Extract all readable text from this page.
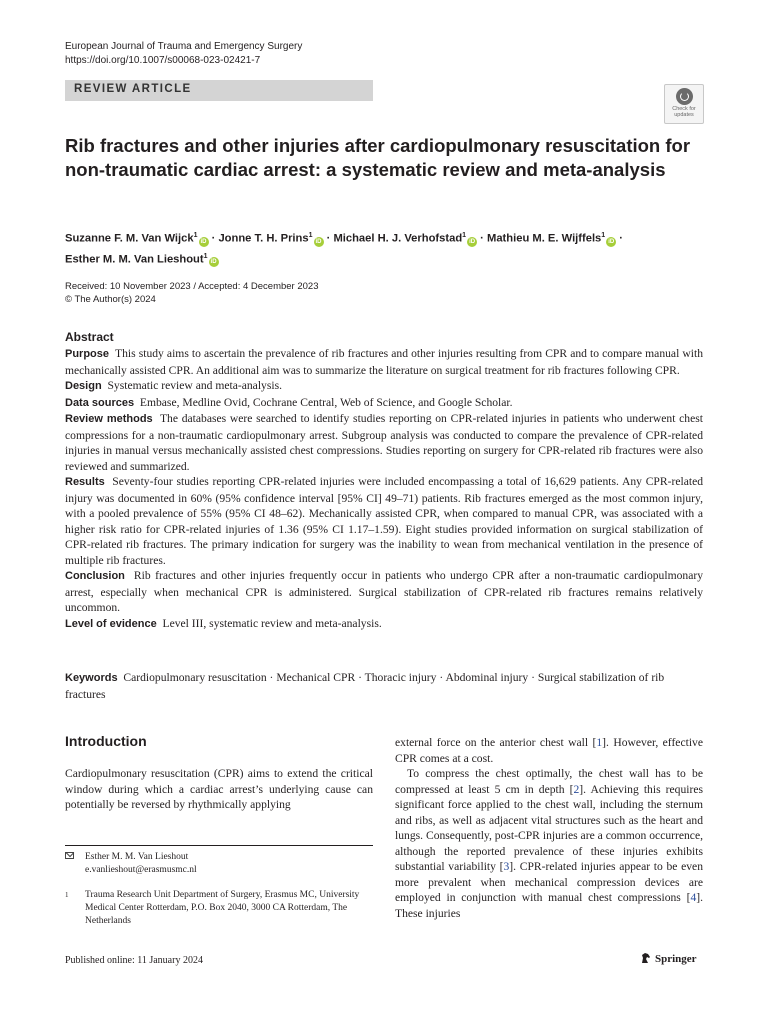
European Journal of Trauma and Emergency Surgery
https://doi.org/10.1007/s00068-023-02421-7
REVIEW ARTICLE
Check for updates
Rib fractures and other injuries after cardiopulmonary resuscitation for non-traumatic cardiac arrest: a systematic review and meta-analysis
Suzanne F. M. Van Wijck$^1$iD · Jonne T. H. Prins$^1$iD · Michael H. J. Verhofstad$^1$iD · Mathieu M. E. Wijffels$^1$iD ·
Esther M. M. Van Lieshout$^1$iD
Received: 10 November 2023 / Accepted: 4 December 2023
© The Author(s) 2024
Abstract

Purpose This study aims to ascertain the prevalence of rib fractures and other injuries resulting from CPR and to compare manual with mechanically assisted CPR. An additional aim was to summarize the literature on surgical treatment for rib fractures following CPR.

Design Systematic review and meta-analysis.

Data sources Embase, Medline Ovid, Cochrane Central, Web of Science, and Google Scholar.

Review methods The databases were searched to identify studies reporting on CPR-related injuries in patients who underwent chest compressions for a non-traumatic cardiopulmonary arrest. Subgroup analysis was conducted to compare the prevalence of CPR-related injuries in manual versus mechanically assisted chest compressions. Studies reporting on surgery for CPR-related rib fractures were also reviewed and summarized.

Results Seventy-four studies reporting CPR-related injuries were included encompassing a total of 16,629 patients. Any CPR-related injury was documented in 60% (95% confidence interval [95% CI] 49–71) patients. Rib fractures emerged as the most common injury, with a pooled prevalence of 55% (95% CI 48–62). Mechanically assisted CPR, when compared to manual CPR, was associated with a higher risk ratio for CPR-related injuries of 1.36 (95% CI 1.17–1.59). Eight studies provided information on surgical stabilization of CPR-related rib fractures. The primary indication for surgery was the inability to wean from mechanical ventilation in the presence of multiple rib fractures.

Conclusion Rib fractures and other injuries frequently occur in patients who undergo CPR after a non-traumatic cardiopulmonary arrest, especially when mechanical CPR is administered. Surgical stabilization of CPR-related rib fractures remains relatively uncommon.

Level of evidence Level III, systematic review and meta-analysis.

Keywords Cardiopulmonary resuscitation · Mechanical CPR · Thoracic injury · Abdominal injury · Surgical stabilization of rib fractures

Introduction

Cardiopulmonary resuscitation (CPR) aims to extend the critical window during which a cardiac arrest’s underlying cause can potentially be reversed by rhythmically applying

external force on the anterior chest wall [1]. However, effective CPR comes at a cost.

To compress the chest optimally, the chest wall has to be compressed at least 5 cm in depth [2]. Achieving this requires significant force applied to the chest wall, including the sternum and ribs, as well as adjacent vital structures such as the heart and lungs. Consequently, post-CPR injuries are a common occurrence, although the reported prevalence of these injuries exhibits substantial variability [3]. CPR-related injuries appear to be even more prevalent when mechanical compression devices are employed in conjunction with manual chest compressions [4]. These injuries

Esther M. M. Van Lieshout
e.vanlieshout@erasmusmc.nl
1 Trauma Research Unit Department of Surgery, Erasmus MC, University Medical Center Rotterdam, P.O. Box 2040, 3000 CA Rotterdam, The Netherlands
Published online: 11 January 2024	Springer
